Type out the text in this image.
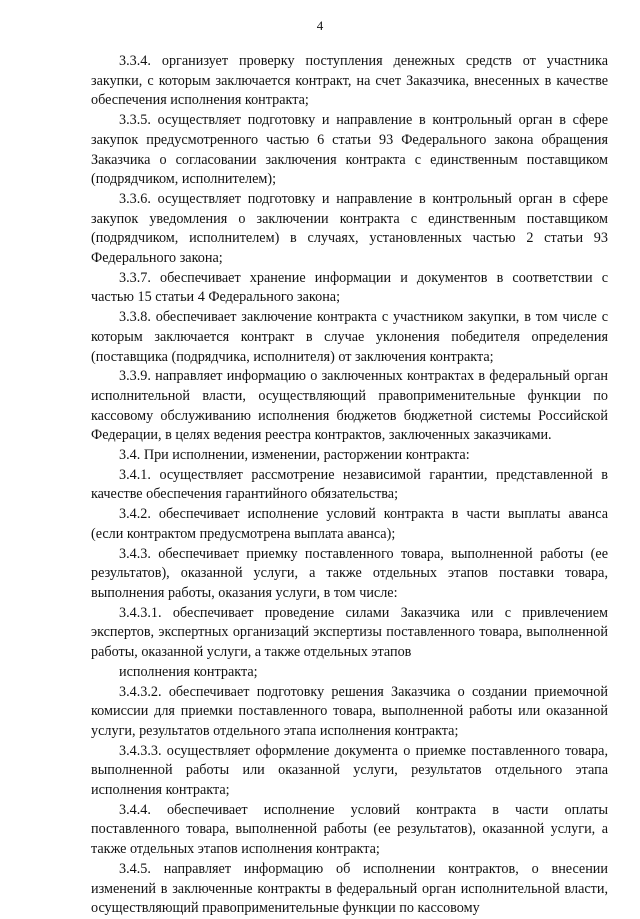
4

3.3.4. организует проверку поступления денежных средств от участника закупки, с которым заключается контракт, на счет Заказчика, внесенных в качестве обеспечения исполнения контракта;

3.3.5. осуществляет подготовку и направление в контрольный орган в сфере закупок предусмотренного частью 6 статьи 93 Федерального закона обращения Заказчика о согласовании заключения контракта с единственным поставщиком (подрядчиком, исполнителем);

3.3.6. осуществляет подготовку и направление в контрольный орган в сфере закупок уведомления о заключении контракта с единственным поставщиком (подрядчиком, исполнителем) в случаях, установленных частью 2 статьи 93 Федерального закона;

3.3.7. обеспечивает хранение информации и документов в соответствии с частью 15 статьи 4 Федерального закона;

3.3.8. обеспечивает заключение контракта с участником закупки, в том числе с которым заключается контракт в случае уклонения победителя определения (поставщика (подрядчика, исполнителя) от заключения контракта;

3.3.9. направляет информацию о заключенных контрактах в федеральный орган исполнительной власти, осуществляющий правоприменительные функции по кассовому обслуживанию исполнения бюджетов бюджетной системы Российской Федерации, в целях ведения реестра контрактов, заключенных заказчиками.

3.4. При исполнении, изменении, расторжении контракта:

3.4.1. осуществляет рассмотрение независимой гарантии, представленной в качестве обеспечения гарантийного обязательства;

3.4.2. обеспечивает исполнение условий контракта в части выплаты аванса (если контрактом предусмотрена выплата аванса);

3.4.3. обеспечивает приемку поставленного товара, выполненной работы (ее результатов), оказанной услуги, а также отдельных этапов поставки товара, выполнения работы, оказания услуги, в том числе:

3.4.3.1. обеспечивает проведение силами Заказчика или с привлечением экспертов, экспертных организаций экспертизы поставленного товара, выполненной работы, оказанной услуги, а также отдельных этапов

исполнения контракта;

3.4.3.2. обеспечивает подготовку решения Заказчика о создании приемочной комиссии для приемки поставленного товара, выполненной работы или оказанной услуги, результатов отдельного этапа исполнения контракта;

3.4.3.3. осуществляет оформление документа о приемке поставленного товара, выполненной работы или оказанной услуги, результатов отдельного этапа исполнения контракта;

3.4.4. обеспечивает исполнение условий контракта в части оплаты поставленного товара, выполненной работы (ее результатов), оказанной услуги, а также отдельных этапов исполнения контракта;

3.4.5. направляет информацию об исполнении контрактов, о внесении изменений в заключенные контракты в федеральный орган исполнительной власти, осуществляющий правоприменительные функции по кассовому
